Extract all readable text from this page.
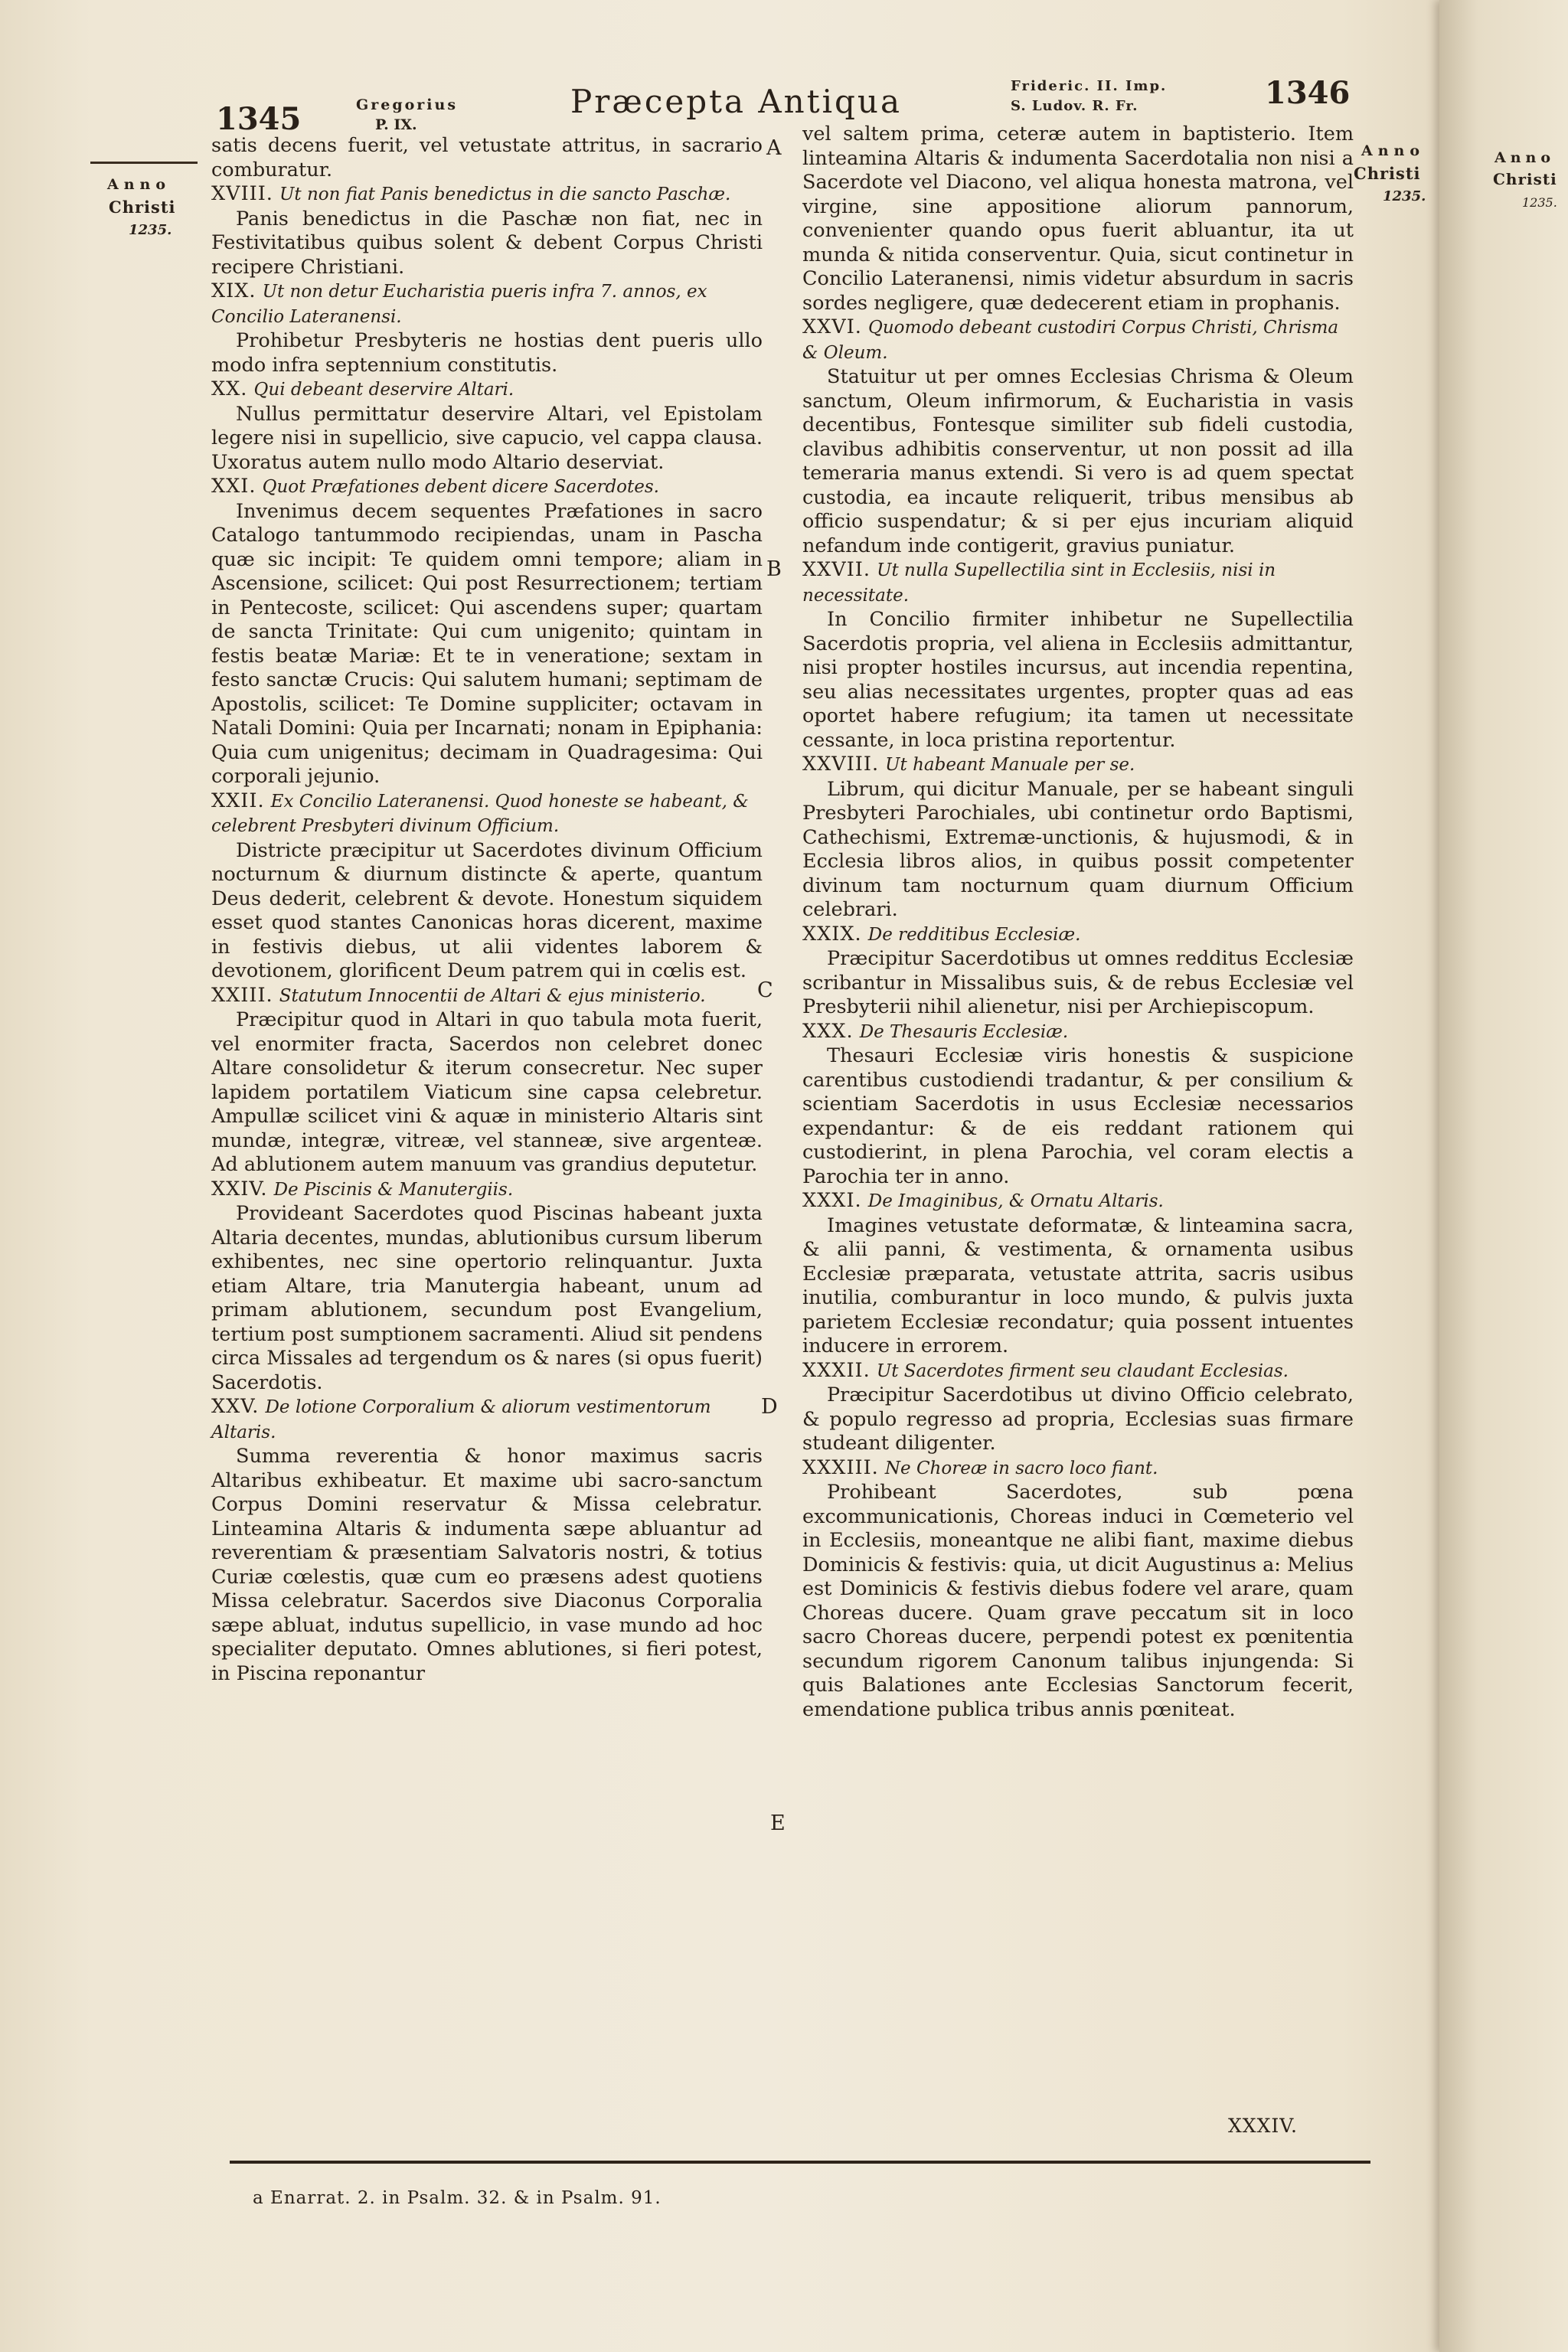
Anno
Christi
1235.
1345	Gregorius
P. IX.
Præcepta Antiqua	Frideric. II. Imp.
S. Ludov. R. Fr.	1346
Anno
Christi
1235.
Anno
Christi
1235.
A
B
C
D
E

satis decens fuerit, vel vetustate attritus, in sacrario comburatur.

XVIII. Ut non fiat Panis benedictus in die sancto Paschæ.

Panis benedictus in die Paschæ non fiat, nec in Festivitatibus quibus solent & debent Corpus Christi recipere Christiani.

XIX. Ut non detur Eucharistia pueris infra 7. annos, ex Concilio Lateranensi.

Prohibetur Presbyteris ne hostias dent pueris ullo modo infra septennium constitutis.

XX. Qui debeant deservire Altari.

Nullus permittatur deservire Altari, vel Epistolam legere nisi in supellicio, sive capucio, vel cappa clausa. Uxoratus autem nullo modo Altario deserviat.

XXI. Quot Præfationes debent dicere Sacerdotes.

Invenimus decem sequentes Præfationes in sacro Catalogo tantummodo recipiendas, unam in Pascha quæ sic incipit: Te quidem omni tempore; aliam in Ascensione, scilicet: Qui post Resurrectionem; tertiam in Pentecoste, scilicet: Qui ascendens super; quartam de sancta Trinitate: Qui cum unigenito; quintam in festis beatæ Mariæ: Et te in veneratione; sextam in festo sanctæ Crucis: Qui salutem humani; septimam de Apostolis, scilicet: Te Domine suppliciter; octavam in Natali Domini: Quia per Incarnati; nonam in Epiphania: Quia cum unigenitus; decimam in Quadragesima: Qui corporali jejunio.

XXII. Ex Concilio Lateranensi. Quod honeste se habeant, & celebrent Presbyteri divinum Officium.

Districte præcipitur ut Sacerdotes divinum Officium nocturnum & diurnum distincte & aperte, quantum Deus dederit, celebrent & devote. Honestum siquidem esset quod stantes Canonicas horas dicerent, maxime in festivis diebus, ut alii videntes laborem & devotionem, glorificent Deum patrem qui in cœlis est.

XXIII. Statutum Innocentii de Altari & ejus ministerio.

Præcipitur quod in Altari in quo tabula mota fuerit, vel enormiter fracta, Sacerdos non celebret donec Altare consolidetur & iterum consecretur. Nec super lapidem portatilem Viaticum sine capsa celebretur. Ampullæ scilicet vini & aquæ in ministerio Altaris sint mundæ, integræ, vitreæ, vel stanneæ, sive argenteæ. Ad ablutionem autem manuum vas grandius deputetur.

XXIV. De Piscinis & Manutergiis.

Provideant Sacerdotes quod Piscinas habeant juxta Altaria decentes, mundas, ablutionibus cursum liberum exhibentes, nec sine opertorio relinquantur. Juxta etiam Altare, tria Manutergia habeant, unum ad primam ablutionem, secundum post Evangelium, tertium post sumptionem sacramenti. Aliud sit pendens circa Missales ad tergendum os & nares (si opus fuerit) Sacerdotis.

XXV. De lotione Corporalium & aliorum vestimentorum Altaris.

Summa reverentia & honor maximus sacris Altaribus exhibeatur. Et maxime ubi sacro-sanctum Corpus Domini reservatur & Missa celebratur. Linteamina Altaris & indumenta sæpe abluantur ad reverentiam & præsentiam Salvatoris nostri, & totius Curiæ cœlestis, quæ cum eo præsens adest quotiens Missa celebratur. Sacerdos sive Diaconus Corporalia sæpe abluat, indutus supellicio, in vase mundo ad hoc specialiter deputato. Omnes ablutiones, si fieri potest, in Piscina reponantur

vel saltem prima, ceteræ autem in baptisterio. Item linteamina Altaris & indumenta Sacerdotalia non nisi a Sacerdote vel Diacono, vel aliqua honesta matrona, vel virgine, sine appositione aliorum pannorum, convenienter quando opus fuerit abluantur, ita ut munda & nitida conserventur. Quia, sicut continetur in Concilio Lateranensi, nimis videtur absurdum in sacris sordes negligere, quæ dedecerent etiam in prophanis.

XXVI. Quomodo debeant custodiri Corpus Christi, Chrisma & Oleum.

Statuitur ut per omnes Ecclesias Chrisma & Oleum sanctum, Oleum infirmorum, & Eucharistia in vasis decentibus, Fontesque similiter sub fideli custodia, clavibus adhibitis conserventur, ut non possit ad illa temeraria manus extendi. Si vero is ad quem spectat custodia, ea incaute reliquerit, tribus mensibus ab officio suspendatur; & si per ejus incuriam aliquid nefandum inde contigerit, gravius puniatur.

XXVII. Ut nulla Supellectilia sint in Ecclesiis, nisi in necessitate.

In Concilio firmiter inhibetur ne Supellectilia Sacerdotis propria, vel aliena in Ecclesiis admittantur, nisi propter hostiles incursus, aut incendia repentina, seu alias necessitates urgentes, propter quas ad eas oportet habere refugium; ita tamen ut necessitate cessante, in loca pristina reportentur.

XXVIII. Ut habeant Manuale per se.

Librum, qui dicitur Manuale, per se habeant singuli Presbyteri Parochiales, ubi continetur ordo Baptismi, Cathechismi, Extremæ-unctionis, & hujusmodi, & in Ecclesia libros alios, in quibus possit competenter divinum tam nocturnum quam diurnum Officium celebrari.

XXIX. De redditibus Ecclesiæ.

Præcipitur Sacerdotibus ut omnes redditus Ecclesiæ scribantur in Missalibus suis, & de rebus Ecclesiæ vel Presbyterii nihil alienetur, nisi per Archiepiscopum.

XXX. De Thesauris Ecclesiæ.

Thesauri Ecclesiæ viris honestis & suspicione carentibus custodiendi tradantur, & per consilium & scientiam Sacerdotis in usus Ecclesiæ necessarios expendantur: & de eis reddant rationem qui custodierint, in plena Parochia, vel coram electis a Parochia ter in anno.

XXXI. De Imaginibus, & Ornatu Altaris.

Imagines vetustate deformatæ, & linteamina sacra, & alii panni, & vestimenta, & ornamenta usibus Ecclesiæ præparata, vetustate attrita, sacris usibus inutilia, comburantur in loco mundo, & pulvis juxta parietem Ecclesiæ recondatur; quia possent intuentes inducere in errorem.

XXXII. Ut Sacerdotes firment seu claudant Ecclesias.

Præcipitur Sacerdotibus ut divino Officio celebrato, & populo regresso ad propria, Ecclesias suas firmare studeant diligenter.

XXXIII. Ne Choreæ in sacro loco fiant.

Prohibeant Sacerdotes, sub pœna excommunicationis, Choreas induci in Cœmeterio vel in Ecclesiis, moneantque ne alibi fiant, maxime diebus Dominicis & festivis: quia, ut dicit Augustinus a: Melius est Dominicis & festivis diebus fodere vel arare, quam Choreas ducere. Quam grave peccatum sit in loco sacro Choreas ducere, perpendi potest ex pœnitentia secundum rigorem Canonum talibus injungenda: Si quis Balationes ante Ecclesias Sanctorum fecerit, emendatione publica tribus annis pœniteat.

XXXIV.
a Enarrat. 2. in Psalm. 32. & in Psalm. 91.
